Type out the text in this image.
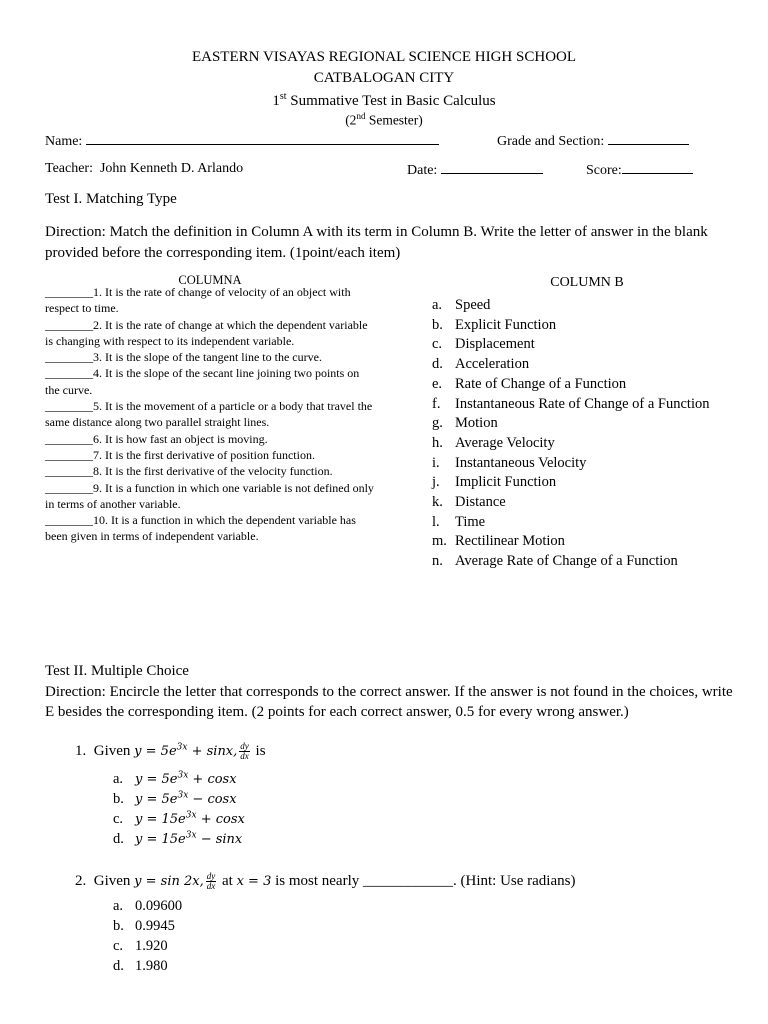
EASTERN VISAYAS REGIONAL SCIENCE HIGH SCHOOL
CATBALOGAN CITY
1st Summative Test in Basic Calculus
(2nd Semester)
Name:	Grade and Section:
Teacher: John Kenneth D. Arlando	Date:	Score:
Test I. Matching Type
Direction: Match the definition in Column A with its term in Column B. Write the letter of answer in the blank provided before the corresponding item. (1point/each item)
COLUMNA	COLUMN B
________1. It is the rate of change of velocity of an object with respect to time.
________2. It is the rate of change at which the dependent variable is changing with respect to its independent variable.
________3. It is the slope of the tangent line to the curve.
________4. It is the slope of the secant line joining two points on the curve.
________5. It is the movement of a particle or a body that travel the same distance along two parallel straight lines.
________6. It is how fast an object is moving.
________7. It is the first derivative of position function.
________8. It is the first derivative of the velocity function.
________9. It is a function in which one variable is not defined only in terms of another variable.
________10. It is a function in which the dependent variable has been given in terms of independent variable.
a. Speed
b. Explicit Function
c. Displacement
d. Acceleration
e. Rate of Change of a Function
f.	Instantaneous Rate of Change of a Function
g. Motion
h. Average Velocity
i.	Instantaneous Velocity
j.	Implicit Function
k. Distance
l.	Time
m. Rectilinear Motion
n. Average Rate of Change of a Function
Test II. Multiple Choice
Direction: Encircle the letter that corresponds to the correct answer. If the answer is not found in the choices, write E besides the corresponding item. (2 points for each correct answer, 0.5 for every wrong answer.)
1. Given $y = 5e^{3x} + \sin x$, $\frac{dy}{dx}$ is
a. $y = 5e^{3x} + \cos x$
b. $y = 5e^{3x} - \cos x$
c. $y = 15e^{3x} + \cos x$
d. $y = 15e^{3x} - \sin x$
2. Given y = sin 2x, $\frac{dy}{dx}$ at x = 3 is most nearly ____________. (Hint: Use radians)
a. 0.09600
b. 0.9945
c. 1.920
d. 1.980
